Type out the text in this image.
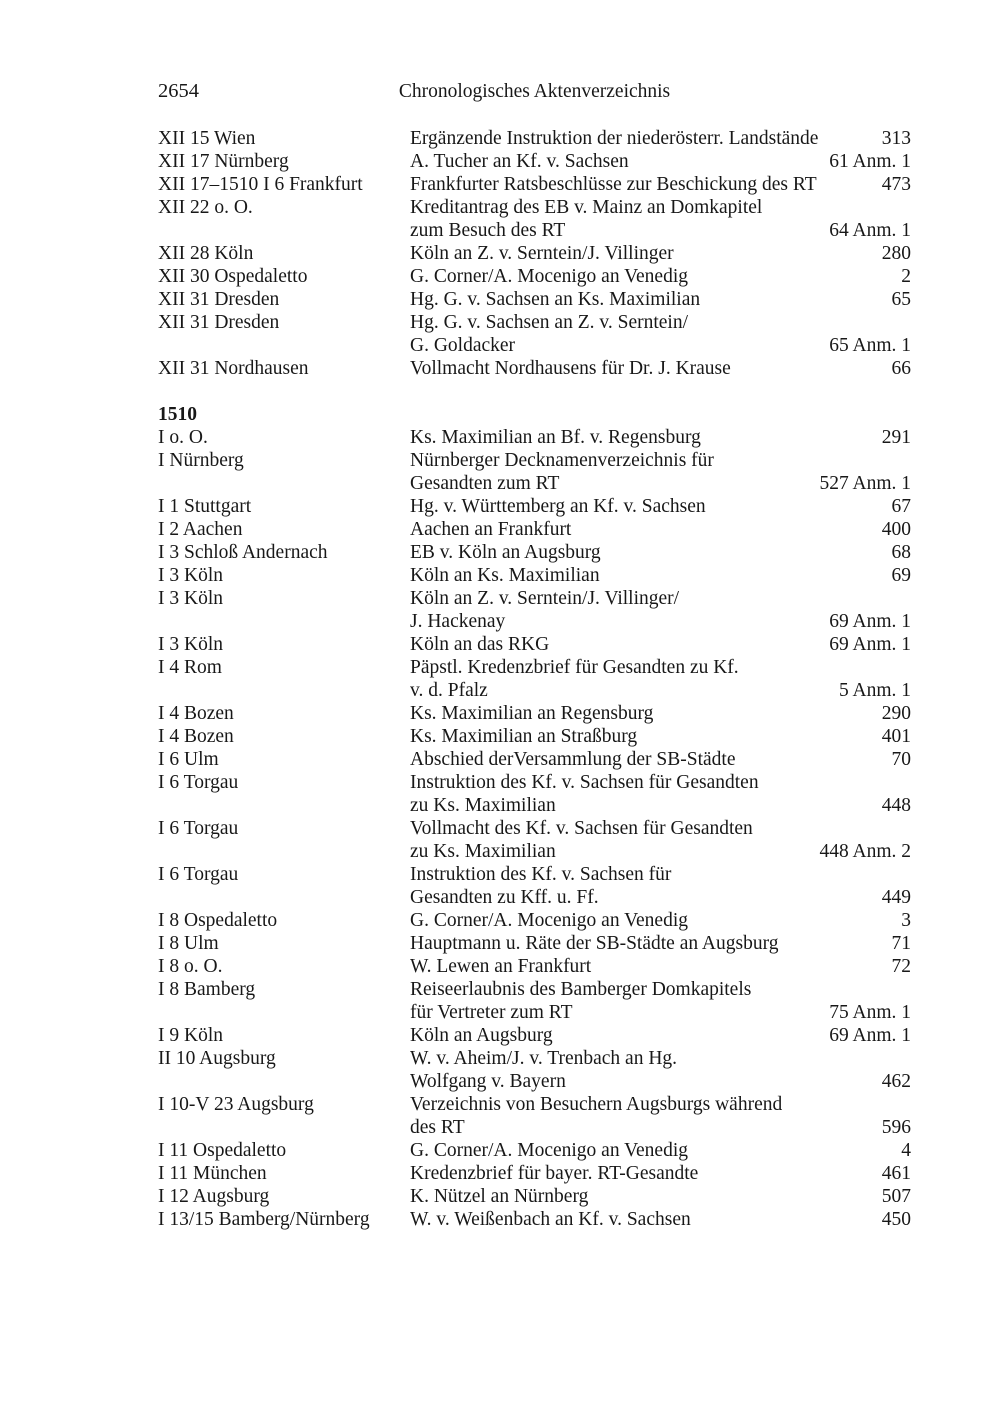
2654	Chronologisches Aktenverzeichnis
XII 15 Wien	Ergänzende Instruktion der niederösterr. Landstände	313
XII 17 Nürnberg	A. Tucher an Kf. v. Sachsen	61 Anm. 1
XII 17–1510 I 6 Frankfurt	Frankfurter Ratsbeschlüsse zur Beschickung des RT	473
XII 22 o. O.	Kreditantrag des EB v. Mainz an Domkapitel
zum Besuch des RT	64 Anm. 1
XII 28 Köln	Köln an Z. v. Serntein/J. Villinger	280
XII 30 Ospedaletto	G. Corner/A. Mocenigo an Venedig	2
XII 31 Dresden	Hg. G. v. Sachsen an Ks. Maximilian	65
XII 31 Dresden	Hg. G. v. Sachsen an Z. v. Serntein/
G. Goldacker	65 Anm. 1
XII 31 Nordhausen	Vollmacht Nordhausens für Dr. J. Krause	66
1510
I o. O.	Ks. Maximilian an Bf. v. Regensburg	291
I Nürnberg	Nürnberger Decknamenverzeichnis für
Gesandten zum RT	527 Anm. 1
I 1 Stuttgart	Hg. v. Württemberg an Kf. v. Sachsen	67
I 2 Aachen	Aachen an Frankfurt	400
I 3 Schloß Andernach	EB v. Köln an Augsburg	68
I 3 Köln	Köln an Ks. Maximilian	69
I 3 Köln	Köln an Z. v. Serntein/J. Villinger/
J. Hackenay	69 Anm. 1
I 3 Köln	Köln an das RKG	69 Anm. 1
I 4 Rom	Päpstl. Kredenzbrief für Gesandten zu Kf.
v. d. Pfalz	5 Anm. 1
I 4 Bozen	Ks. Maximilian an Regensburg	290
I 4 Bozen	Ks. Maximilian an Straßburg	401
I 6 Ulm	Abschied derVersammlung der SB-Städte	70
I 6 Torgau	Instruktion des Kf. v. Sachsen für Gesandten
zu Ks. Maximilian	448
I 6 Torgau	Vollmacht des Kf. v. Sachsen für Gesandten
zu Ks. Maximilian	448 Anm. 2
I 6 Torgau	Instruktion des Kf. v. Sachsen für
Gesandten zu Kff. u. Ff.	449
I 8 Ospedaletto	G. Corner/A. Mocenigo an Venedig	3
I 8 Ulm	Hauptmann u. Räte der SB-Städte an Augsburg	71
I 8 o. O.	W. Lewen an Frankfurt	72
I 8 Bamberg	Reiseerlaubnis des Bamberger Domkapitels
für Vertreter zum RT	75 Anm. 1
I 9 Köln	Köln an Augsburg	69 Anm. 1
II 10 Augsburg	W. v. Aheim/J. v. Trenbach an Hg.
Wolfgang v. Bayern	462
I 10-V 23 Augsburg	Verzeichnis von Besuchern Augsburgs während
des RT	596
I 11 Ospedaletto	G. Corner/A. Mocenigo an Venedig	4
I 11 München	Kredenzbrief für bayer. RT-Gesandte	461
I 12 Augsburg	K. Nützel an Nürnberg	507
I 13/15 Bamberg/Nürnberg	W. v. Weißenbach an Kf. v. Sachsen	450
